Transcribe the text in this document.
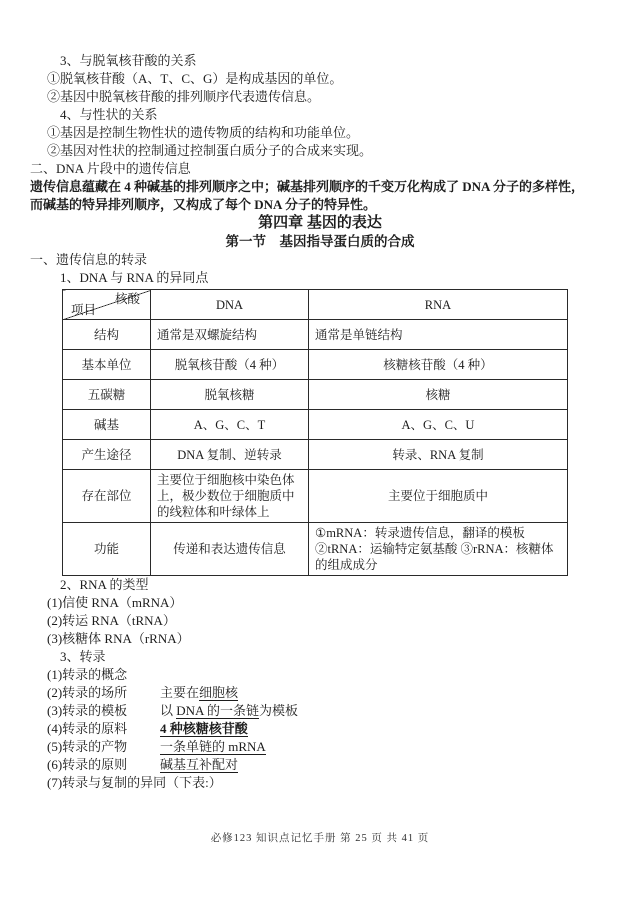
3、与脱氧核苷酸的关系
①脱氧核苷酸（A、T、C、G）是构成基因的单位。
②基因中脱氧核苷酸的排列顺序代表遗传信息。
4、与性状的关系
①基因是控制生物性状的遗传物质的结构和功能单位。
②基因对性状的控制通过控制蛋白质分子的合成来实现。
二、DNA 片段中的遗传信息
遗传信息蕴藏在 4 种碱基的排列顺序之中；碱基排列顺序的千变万化构成了 DNA 分子的多样性，而碱基的特异排列顺序，又构成了每个 DNA 分子的特异性。
第四章 基因的表达
第一节　基因指导蛋白质的合成
一、遗传信息的转录
1、DNA 与 RNA 的异同点
核酸
项目	DNA	RNA
结构	通常是双螺旋结构	通常是单链结构
基本单位	脱氧核苷酸（4 种）	核糖核苷酸（4 种）
五碳糖	脱氧核糖	核糖
碱基	A、G、C、T	A、G、C、U
产生途径	DNA 复制、逆转录	转录、RNA 复制
存在部位	主要位于细胞核中染色体上，极少数位于细胞质中的线粒体和叶绿体上	主要位于细胞质中
功能	传递和表达遗传信息	①mRNA：转录遗传信息，翻译的模板 ②tRNA：运输特定氨基酸 ③rRNA：核糖体的组成成分
2、RNA 的类型
(1)信使 RNA（mRNA）
(2)转运 RNA（tRNA）
(3)核糖体 RNA（rRNA）
3、转录
(1)转录的概念
(2)转录的场所	主要在细胞核
(3)转录的模板	以 DNA 的一条链为模板
(4)转录的原料	4 种核糖核苷酸
(5)转录的产物	一条单链的 mRNA
(6)转录的原则	碱基互补配对
(7)转录与复制的异同（下表:）
必修123 知识点记忆手册 第 25 页 共 41 页
